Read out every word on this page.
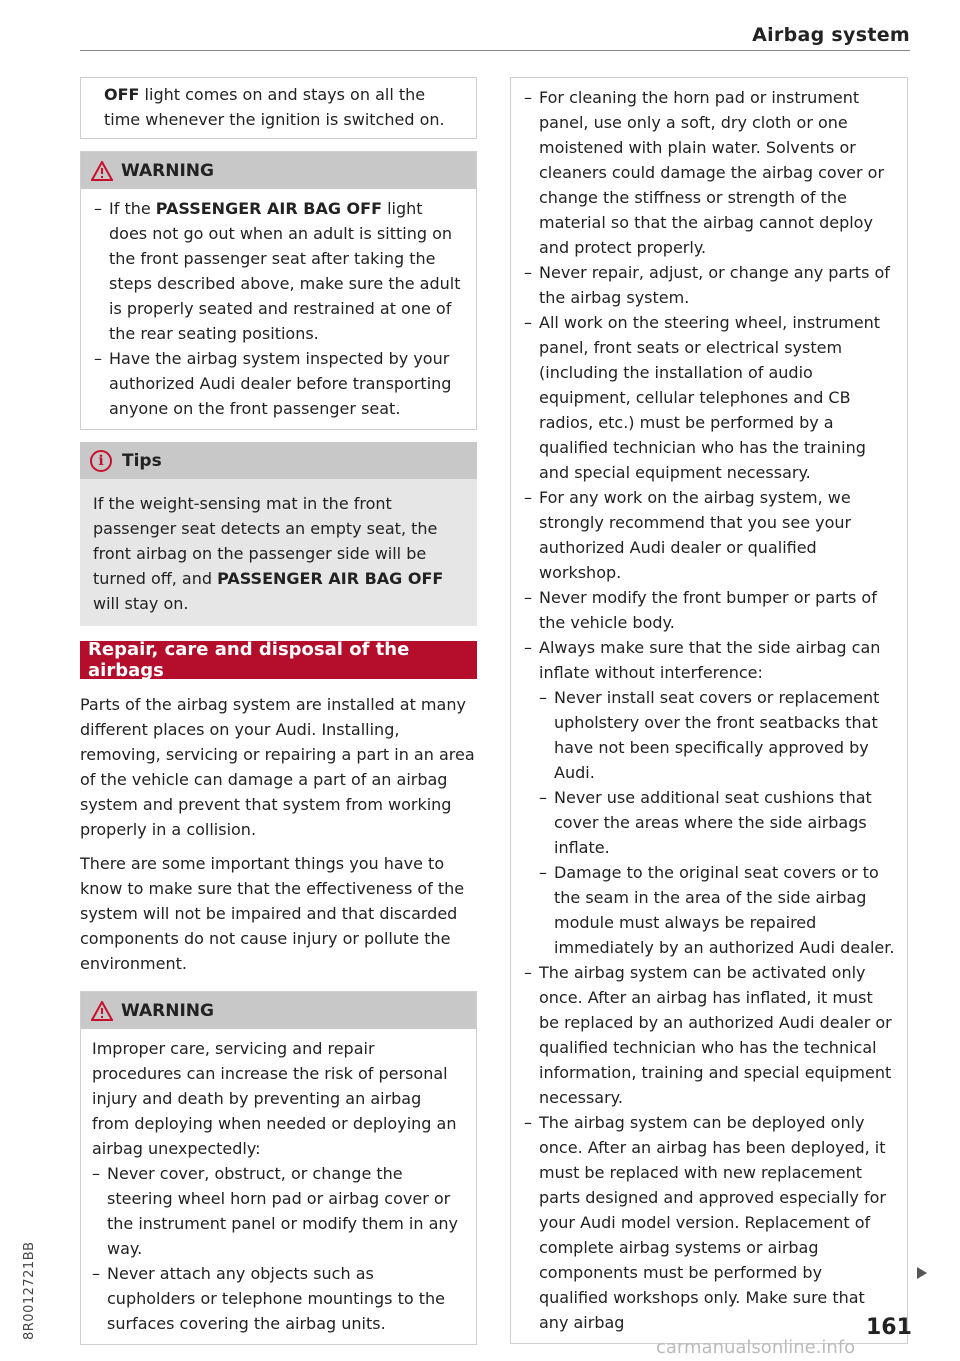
Airbag system
OFF light comes on and stays on all the time whenever the ignition is switched on.
WARNING
– If the PASSENGER AIR BAG OFF light does not go out when an adult is sitting on the front passenger seat after taking the steps described above, make sure the adult is properly seated and restrained at one of the rear seating positions.
– Have the airbag system inspected by your authorized Audi dealer before transporting anyone on the front passenger seat.
i	Tips
If the weight-sensing mat in the front passenger seat detects an empty seat, the front airbag on the passenger side will be turned off, and PASSENGER AIR BAG OFF will stay on.
Repair, care and disposal of the airbags

Parts of the airbag system are installed at many different places on your Audi. Installing, removing, servicing or repairing a part in an area of the vehicle can damage a part of an airbag system and prevent that system from working properly in a collision.

There are some important things you have to know to make sure that the effectiveness of the system will not be impaired and that discarded components do not cause injury or pollute the environment.

WARNING

Improper care, servicing and repair procedures can increase the risk of personal injury and death by preventing an airbag from deploying when needed or deploying an airbag unexpectedly:

– Never cover, obstruct, or change the steering wheel horn pad or airbag cover or the instrument panel or modify them in any way.
– Never attach any objects such as cupholders or telephone mountings to the surfaces covering the airbag units.
– For cleaning the horn pad or instrument panel, use only a soft, dry cloth or one moistened with plain water. Solvents or cleaners could damage the airbag cover or change the stiffness or strength of the material so that the airbag cannot deploy and protect properly.
– Never repair, adjust, or change any parts of the airbag system.
– All work on the steering wheel, instrument panel, front seats or electrical system (including the installation of audio equipment, cellular telephones and CB radios, etc.) must be performed by a qualified technician who has the training and special equipment necessary.
– For any work on the airbag system, we strongly recommend that you see your authorized Audi dealer or qualified workshop.
– Never modify the front bumper or parts of the vehicle body.
– Always make sure that the side airbag can inflate without interference:
– Never install seat covers or replacement upholstery over the front seatbacks that have not been specifically approved by Audi.
– Never use additional seat cushions that cover the areas where the side airbags inflate.
– Damage to the original seat covers or to the seam in the area of the side airbag module must always be repaired immediately by an authorized Audi dealer.
– The airbag system can be activated only once. After an airbag has inflated, it must be replaced by an authorized Audi dealer or qualified technician who has the technical information, training and special equipment necessary.
– The airbag system can be deployed only once. After an airbag has been deployed, it must be replaced with new replacement parts designed and approved especially for your Audi model version. Replacement of complete airbag systems or airbag components must be performed by qualified workshops only. Make sure that any airbag	161
8R0012721BB
carmanualsonline.info
